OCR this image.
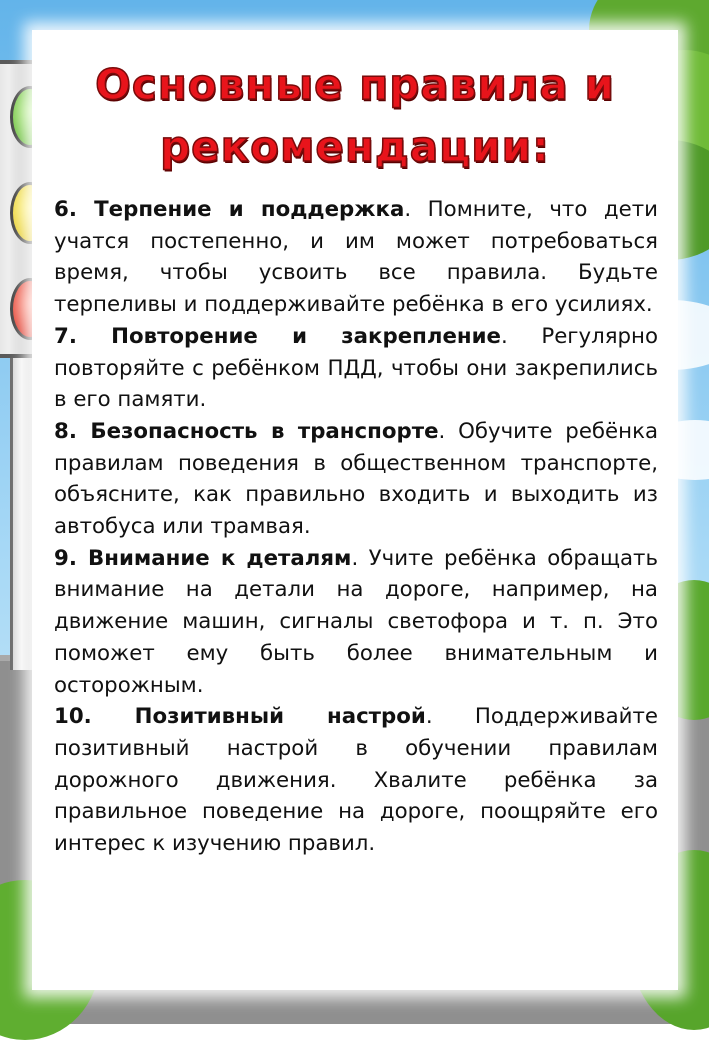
Основные правила и рекомендации:

6. Терпение и поддержка. Помните, что дети учатся постепенно, и им может потребоваться время, чтобы усвоить все правила. Будьте терпеливы и поддерживайте ребёнка в его усилиях.

7. Повторение и закрепление. Регулярно повторяйте с ребёнком ПДД, чтобы они закрепились в его памяти.

8. Безопасность в транспорте. Обучите ребёнка правилам поведения в общественном транспорте, объясните, как правильно входить и выходить из автобуса или трамвая.

9. Внимание к деталям. Учите ребёнка обращать внимание на детали на дороге, например, на движение машин, сигналы светофора и т. п. Это поможет ему быть более внимательным и осторожным.

10. Позитивный настрой. Поддерживайте позитивный настрой в обучении правилам дорожного движения. Хвалите ребёнка за правильное поведение на дороге, поощряйте его интерес к изучению правил.
